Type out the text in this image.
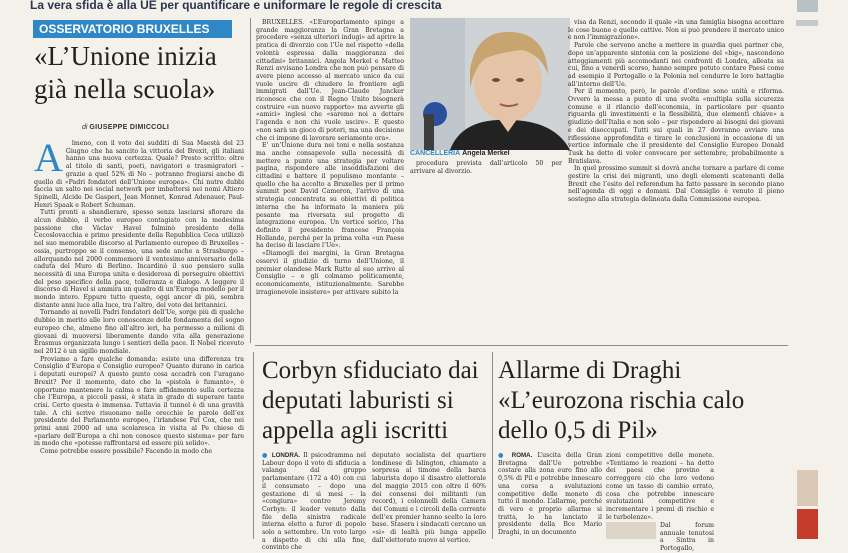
La vera sfida è alla UE per quantificare e uniformare le regole di crescita
OSSERVATORIO BRUXELLES
«L’Unione inizia già nella scuola»
di GIUSEPPE DIMICCOLI
A	lmeno, con il voto dei sudditi di Sua Maestà del 23 Giugno che ha sancito la vittoria del Brexit, gli italiani hanno una nuova certezza. Quale? Presto scritto: oltre al titolo di santi, poeti, navigatori e trasmigratori – grazie a quel 52% di No – potranno fregiarsi anche di quello di «Padri fondatori dell’Unione europea». Chi nutre dubbi faccia un salto nei social network per imbattersi nei nomi Altiero Spinelli, Alcide De Gasperi, Jean Monnet, Konrad Adenauer, Paul-Henri Spaak e Robert Schuman.

Tutti pronti a sbandierare, spesso senza lasciarsi sfiorare da alcun dubbio, il verbo europeo contagiato con la medesima passione che Václav Havel fulminò presidente della Cecoslovacchia e primo presidente della Repubblica Ceca utilizzò nel suo memorabile discorso al Parlamento europeo di Bruxelles – ossia, purtroppo se il consenso, una sede anche a Strasburgo – allorquando nel 2000 commemorò il ventesimo anniversario della caduta del Muro di Berlino. Incardinò il suo pensiero sulla necessità di una Europa unita e desiderosa di perseguire obiettivi del peso specifico della pace, tolleranza e dialogo. A leggere il discorso di Havel si ammira un quadro di un’Europa modello per il mondo intero. Eppure tutto questo, oggi ancor di più, sembra distante anni luce alla luce, tra l’altro, del voto dei britannici.

Tornando ai novelli Padri fondatori dell’Ue, sorge più di qualche dubbio in merito alle loro conoscenze delle fondamenta del sogno europeo che, almeno fino all’altro ieri, ha permesso a milioni di giovani di muoversi liberamente dando vita alla generazione Erasmus organizzata lungo i sentieri della pace. Il Nobel ricevuto nel 2012 è un sigillo mondiale.

Proviamo a fare qualche domanda: esiste una differenza tra Consiglio d’Europa e Consiglio europeo? Quanto durano in carica i deputati europei? A questo punto cosa accadrà con l’uragano Brexit? Per il momento, dato che la «pistola è fumante», è opportuno mantenere la calma e fare affidamento sulla certezza che l’Europa, a piccoli passi, è stata in grado di superare tante crisi. Certo questa è immensa. Tuttavia il tunnel è di una gravità tale. A chi scrive risuonano nelle orecchie le parole dell’ex presidente del Parlamento europeo, l’irlandese Pat Cox, che nei primi anni 2000 ad una scolaresca in visita al Pe chiese di «parlare dell’Europa a chi non conosce questo sistema» per fare in modo che «potesse raffrontarsi ed essere più solido».

Come potrebbe essere possibile? Facendo in modo che

BRUXELLES. «L’Europarlamento spinge a grande maggioranza la Gran Bretagna a procedere «senza ulteriori indugi» ad aprire la pratica di divorzio con l’Ue nel rispetto «della volontà espressa dalla maggioranza dei cittadini» britannici. Angela Merkel e Matteo Renzi avvisano Londra che non può pensare di avere pieno accesso al mercato unico da cui vuole uscire di chiudere le frontiere agli immigrati dall’Ue. Jean-Claude Juncker riconosce che con il Regno Unito bisognerà costruire «un nuovo rapporto» ma avverte gli «amici» inglesi che «saremo noi a dettare l’agenda e non chi vuole uscire». E questo «non sarà un gioco di poteri, ma una decisione che ci impone di lavorare seriamente ora».

E’ un’Unione dura nei toni e nella sostanza ma anche consapevole sulla necessità di mettere a punto una strategia per voltare pagina, rispondere alle insoddisfazioni dei cittadini e battere il populismo montante – quello che ha accolto a Bruxelles per il primo summit post David Cameron, l’arrivo di una strategia concentrata su obiettivi di politica interna che ha informato la maniera più pesante ma riversata sul progetto di integrazione europea. Un vertice sorico, l’ha definito il presidente francese François Hollande, perché per la prima volta «un Paese ha deciso di lasciare l’Ue».

«Diamogli dei margini, la Gran Bretagna osservi il giudizio di turno dell’Unione, il premier olandese Mark Rutte al suo arrivo al Consiglio – e gli colmamo politicamente, economicamente, istituzionalmente. Sarebbe irragionevole insistere» per attivare subito la

CANCELLERIA Angela Merkel

procedura prevista dall’articolo 50 per arrivare al divorzio.

visa da Renzi, secondo il quale «in una famiglia bisogna accettare le cose buone e quelle cattive. Non si può prendere il mercato unico e non l’immigrazione».

Parole che servono anche a mettere in guardia quei partner che, dopo un’apparente sintonia con la posizione del «big», nascondono atteggiamenti più accomodanti nei confronti di Londra, alleata su cui, fino a venerdì scorso, hanno sempre potuto contare Paesi come ad esempio il Portogallo o la Polonia nel condurre le loro battaglie all’interno dell’Ue.

Per il momento, però, le parole d’ordine sono unità e riforma. Ovvero la messa a punto di una svolta «multipla sulla sicurezza comune e il rilancio dell’economia, in particolare per quanto riguarda gli investimenti e la flessibilità, due elementi chiave» a giudizio dell’Italia e non solo – per rispondere ai bisogni dei giovani e dei disoccupati. Tutti sui quali in 27 dovranno avviare una riflessione approfondita e tirare le conclusioni in occasione di un vertice informale che il presidente del Consiglio Europeo Donald Tusk ha detto di voler convocare per settembre, probabilmente a Bratislava.

In quel prossimo summit si dovrà anche tornare a parlare di come gestire la crisi dei migranti, uno degli elementi scatenanti della Brexit che l’esito del referendum ha fatto passare in secondo piano nell’agenda di oggi e domani. Dal Consiglio è venuto il pieno sostegno alla strategia delineata dalla Commissione europea.

Corbyn sfiduciato dai deputati laburisti si appella agli iscritti
● LONDRA. Il psicodramma nel Labour dopo il voto di sfiducia a valanga dal gruppo parlamentare (172 a 40) con cui il consumato – dopo una gestazione di sì mesi – la «congiura» contro Jeremy Corbyn: il leader venuto dalla file della sinistra radicale interna eletto a furor di popolo solo a settembre. Un voto largo a dispetto di chi alla fine, convinto che
deputato socialista del quartiere londinese di Islington, chiamato a sorpresa al timone della barca laburista dopo il disastro elettorale del maggio 2015 con oltre il 60% dei consensi dei militanti (un record), i colonnelli della Camera dei Comuni e i circoli della corrente dell’ex premier hanno scelto la loro base. Stasera i sindacati cercano un «si» di lealtà più lunga appello dall’elettorato nuovo al vertice.
Allarme di Draghi «L’eurozona rischia calo dello 0,5 di Pil»
● ROMA. L’uscita della Gran Bretagna dall’Ue potrebbe costare alla zona euro fino allo 0,5% di Pil e potrebbe innescare una corsa a svalutazioni competitive delle monete di tutto il mondo. L’allarme, perché di vero e proprio allarme si tratta, lo ha lanciato il presidente della Bce Mario Draghi, in un documento
zioni competitive delle monete. «Tentiamo le reazioni – ha detto dei paesi che provino a correggere ciò che loro vedono come un tasso di cambio errato, cosa che potrebbe innescare svalutazioni competitive e incrementare i premi di rischio e le turbolenze».
Dal forum annuale tenutosi a Sintra in Portogallo,
